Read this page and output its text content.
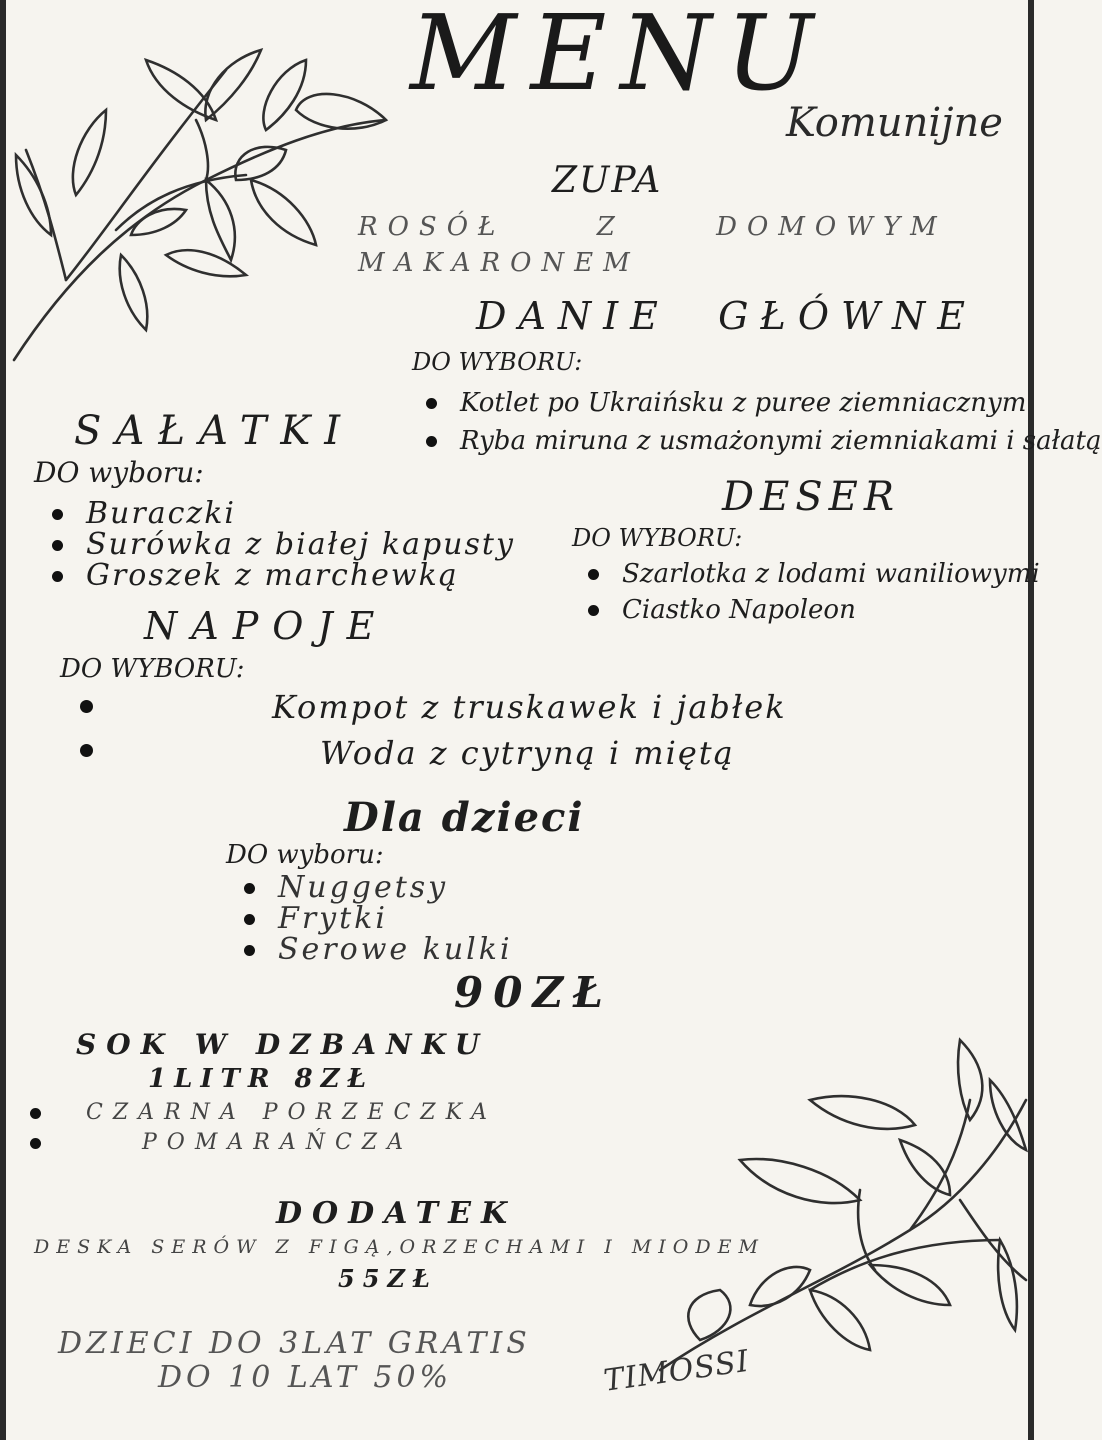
MENU
Komunijne
ZUPA
ROSÓŁ     Z     DOMOWYM
MAKARONEM
DANIE  GŁÓWNE
DO WYBORU:
Kotlet po Ukraińsku z puree ziemniacznym
Ryba miruna z usmażonymi ziemniakami i sałatą
SAŁATKI
DO wyboru:
Buraczki
Surówka z białej kapusty
Groszek z marchewką
DESER
DO WYBORU:
Szarlotka z lodami waniliowymi
Ciastko Napoleon
NAPOJE
DO WYBORU:
Kompot z truskawek i jabłek
Woda z cytryną i miętą
Dla dzieci
DO wyboru:
Nuggetsy
Frytki
Serowe kulki
90ZŁ
SOK W DZBANKU
1LITR 8ZŁ
CZARNA PORZECZKA
POMARAŃCZA
DODATEK
DESKA SERÓW Z FIGĄ,ORZECHAMI I MIODEM
55ZŁ
DZIECI DO 3LAT GRATIS
DO 10 LAT 50%	TIMOSSI
